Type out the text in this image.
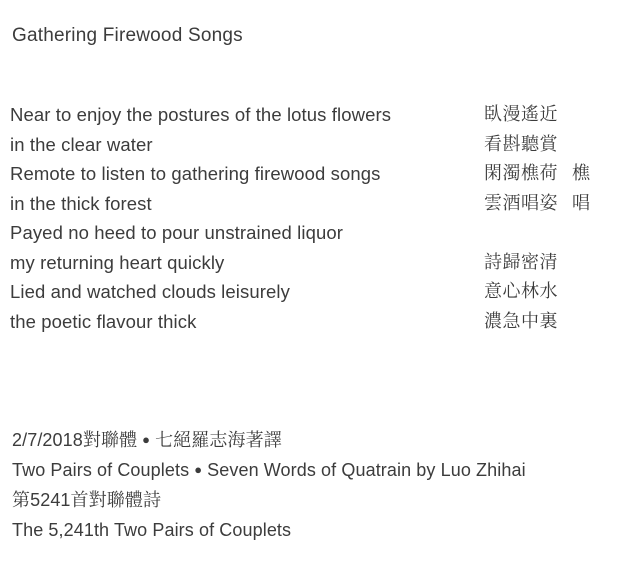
Gathering Firewood Songs
Near to enjoy the postures of the lotus flowers
in the clear water
Remote to listen to gathering firewood songs
in the thick forest
Payed no heed to pour unstrained liquor
my returning heart quickly
Lied and watched clouds leisurely
the poetic flavour thick
臥漫遙近
看斟聽賞
閑濁樵荷 樵
雲酒唱姿 唱
詩歸密清
意心林水
濃急中裏
2/7/2018對聯體 ● 七絕羅志海著譯
Two Pairs of Couplets ● Seven Words of Quatrain by Luo Zhihai
第5241首對聯體詩
The 5,241th Two Pairs of Couplets
